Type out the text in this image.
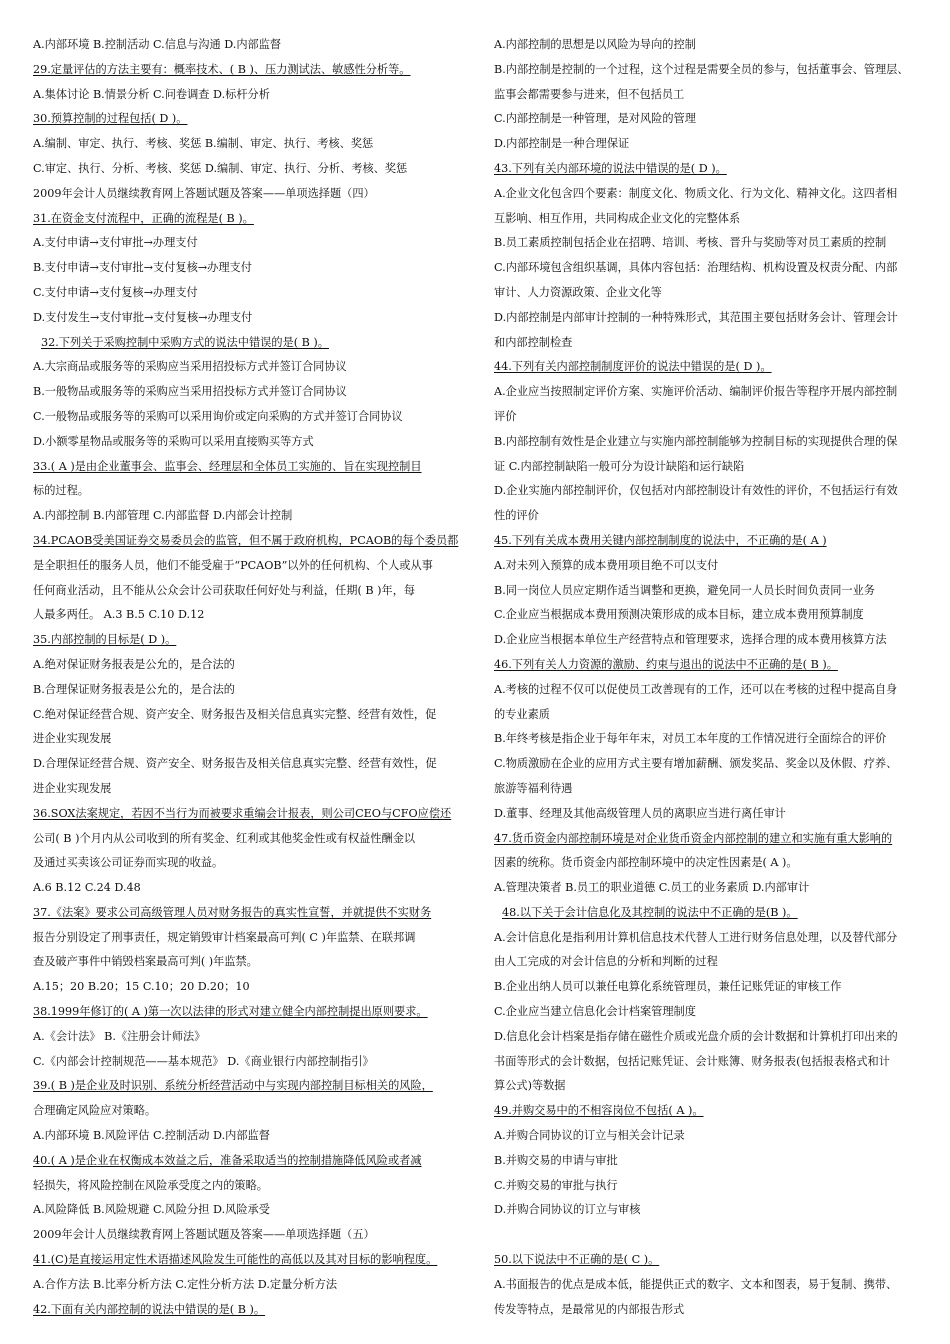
A.内部环境 B.控制活动 C.信息与沟通 D.内部监督
29.定量评估的方法主要有：概率技术、( B )、压力测试法、敏感性分析等。
A.集体讨论 B.情景分析 C.问卷调查 D.标杆分析
30.预算控制的过程包括( D )。
A.编制、审定、执行、考核、奖惩 B.编制、审定、执行、考核、奖惩
C.审定、执行、分析、考核、奖惩 D.编制、审定、执行、分析、考核、奖惩
2009年会计人员继续教育网上答题试题及答案——单项选择题（四）
31.在资金支付流程中，正确的流程是( B )。
A.支付申请→支付审批→办理支付
B.支付申请→支付审批→支付复核→办理支付
C.支付申请→支付复核→办理支付
D.支付发生→支付审批→支付复核→办理支付
32.下列关于采购控制中采购方式的说法中错误的是( B )。
A.大宗商品或服务等的采购应当采用招投标方式并签订合同协议
B.一般物品或服务等的采购应当采用招投标方式并签订合同协议
C.一般物品或服务等的采购可以采用询价或定向采购的方式并签订合同协议
D.小额零星物品或服务等的采购可以采用直接购买等方式
33.( A )是由企业董事会、监事会、经理层和全体员工实施的、旨在实现控制目
标的过程。
A.内部控制 B.内部管理 C.内部监督 D.内部会计控制
34.PCAOB受美国证券交易委员会的监管，但不属于政府机构，PCAOB的每个委员都
是全职担任的服务人员，他们不能受雇于“PCAOB”以外的任何机构、个人或从事
任何商业活动，且不能从公众会计公司获取任何好处与利益，任期( B )年，每
人最多两任。 A.3 B.5 C.10 D.12
35.内部控制的目标是( D )。
A.绝对保证财务报表是公允的，是合法的
B.合理保证财务报表是公允的，是合法的
C.绝对保证经营合规、资产安全、财务报告及相关信息真实完整、经营有效性，促
进企业实现发展
D.合理保证经营合规、资产安全、财务报告及相关信息真实完整、经营有效性，促
进企业实现发展
36.SOX法案规定，若因不当行为而被要求重编会计报表，则公司CEO与CFO应偿还
公司( B )个月内从公司收到的所有奖金、红利或其他奖金性或有权益性酬金以
及通过买卖该公司证券而实现的收益。
A.6 B.12 C.24 D.48
37.《法案》要求公司高级管理人员对财务报告的真实性宣誓，并就提供不实财务
报告分别设定了刑事责任，规定销毁审计档案最高可判( C )年监禁、在联邦调
查及破产事件中销毁档案最高可判( )年监禁。
A.15；20 B.20；15 C.10；20 D.20；10
38.1999年修订的( A )第一次以法律的形式对建立健全内部控制提出原则要求。
A.《会计法》 B.《注册会计师法》
C.《内部会计控制规范——基本规范》 D.《商业银行内部控制指引》
39.( B )是企业及时识别、系统分析经营活动中与实现内部控制目标相关的风险，
合理确定风险应对策略。
A.内部环境 B.风险评估 C.控制活动 D.内部监督
40.( A )是企业在权衡成本效益之后，准备采取适当的控制措施降低风险或者减
轻损失，将风险控制在风险承受度之内的策略。
A.风险降低 B.风险规避 C.风险分担 D.风险承受
2009年会计人员继续教育网上答题试题及答案——单项选择题（五）
41.(C)是直接运用定性术语描述风险发生可能性的高低以及其对目标的影响程度。
A.合作方法 B.比率分析方法 C.定性分析方法 D.定量分析方法
42.下面有关内部控制的说法中错误的是( B )。
A.内部控制的思想是以风险为导向的控制
B.内部控制是控制的一个过程，这个过程是需要全员的参与，包括董事会、管理层、
监事会都需要参与进来，但不包括员工
C.内部控制是一种管理，是对风险的管理
D.内部控制是一种合理保证
43.下列有关内部环境的说法中错误的是( D )。
A.企业文化包含四个要素：制度文化、物质文化、行为文化、精神文化。这四者相
互影响、相互作用，共同构成企业文化的完整体系
B.员工素质控制包括企业在招聘、培训、考核、晋升与奖励等对员工素质的控制
C.内部环境包含组织基调，具体内容包括：治理结构、机构设置及权责分配、内部
审计、人力资源政策、企业文化等
D.内部控制是内部审计控制的一种特殊形式，其范围主要包括财务会计、管理会计
和内部控制检查
44.下列有关内部控制制度评价的说法中错误的是( D )。
A.企业应当按照制定评价方案、实施评价活动、编制评价报告等程序开展内部控制
评价
B.内部控制有效性是企业建立与实施内部控制能够为控制目标的实现提供合理的保
证 C.内部控制缺陷一般可分为设计缺陷和运行缺陷
D.企业实施内部控制评价，仅包括对内部控制设计有效性的评价，不包括运行有效
性的评价
45.下列有关成本费用关键内部控制制度的说法中，不正确的是( A )
A.对未列入预算的成本费用项目绝不可以支付
B.同一岗位人员应定期作适当调整和更换，避免同一人员长时间负责同一业务
C.企业应当根据成本费用预测决策形成的成本目标，建立成本费用预算制度
D.企业应当根据本单位生产经营特点和管理要求，选择合理的成本费用核算方法
46.下列有关人力资源的激励、约束与退出的说法中不正确的是( B )。
A.考核的过程不仅可以促使员工改善现有的工作，还可以在考核的过程中提高自身
的专业素质
B.年终考核是指企业于每年年末，对员工本年度的工作情况进行全面综合的评价
C.物质激励在企业的应用方式主要有增加薪酬、颁发奖品、奖金以及休假、疗养、
旅游等福利待遇
D.董事、经理及其他高级管理人员的离职应当进行离任审计
47.货币资金内部控制环境是对企业货币资金内部控制的建立和实施有重大影响的
因素的统称。货币资金内部控制环境中的决定性因素是( A )。
A.管理决策者 B.员工的职业道德 C.员工的业务素质 D.内部审计
48.以下关于会计信息化及其控制的说法中不正确的是(B )。
A.会计信息化是指利用计算机信息技术代替人工进行财务信息处理，以及替代部分
由人工完成的对会计信息的分析和判断的过程
B.企业出纳人员可以兼任电算化系统管理员，兼任记账凭证的审核工作
C.企业应当建立信息化会计档案管理制度
D.信息化会计档案是指存储在磁性介质或光盘介质的会计数据和计算机打印出来的
书面等形式的会计数据，包括记账凭证、会计账簿、财务报表(包括报表格式和计
算公式)等数据
49.并购交易中的不相容岗位不包括( A )。
A.并购合同协议的订立与相关会计记录
B.并购交易的申请与审批
C.并购交易的审批与执行
D.并购合同协议的订立与审核
50.以下说法中不正确的是( C )。
A.书面报告的优点是成本低，能提供正式的数字、文本和图表，易于复制、携带、
传发等特点，是最常见的内部报告形式
